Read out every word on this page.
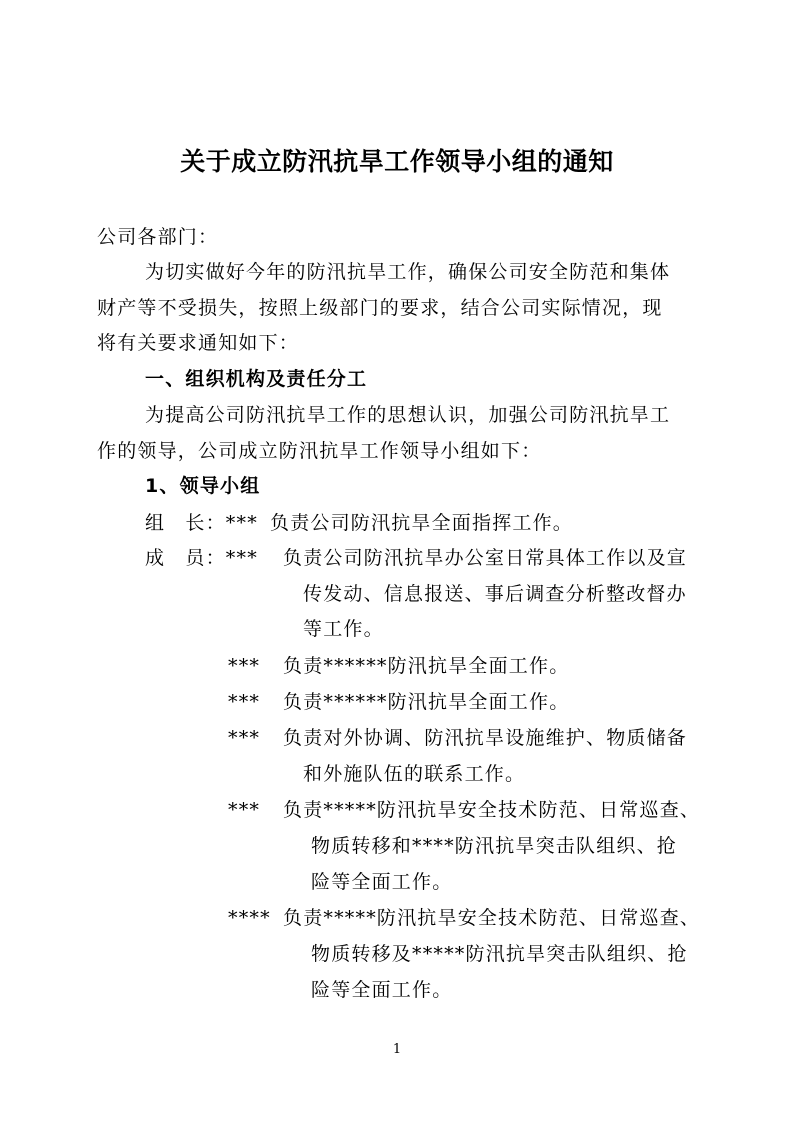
关于成立防汛抗旱工作领导小组的通知
公司各部门：
为切实做好今年的防汛抗旱工作，确保公司安全防范和集体
财产等不受损失，按照上级部门的要求，结合公司实际情况，现
将有关要求通知如下：
一、组织机构及责任分工
为提高公司防汛抗旱工作的思想认识，加强公司防汛抗旱工
作的领导，公司成立防汛抗旱工作领导小组如下：
1、领导小组
组　长：*** 负责公司防汛抗旱全面指挥工作。
成　员：*** 负责公司防汛抗旱办公室日常具体工作以及宣
传发动、信息报送、事后调查分析整改督办
等工作。
*** 负责******防汛抗旱全面工作。
*** 负责******防汛抗旱全面工作。
*** 负责对外协调、防汛抗旱设施维护、物质储备
和外施队伍的联系工作。
*** 负责*****防汛抗旱安全技术防范、日常巡查、
物质转移和****防汛抗旱突击队组织、抢
险等全面工作。
**** 负责*****防汛抗旱安全技术防范、日常巡查、
物质转移及*****防汛抗旱突击队组织、抢
险等全面工作。
1
